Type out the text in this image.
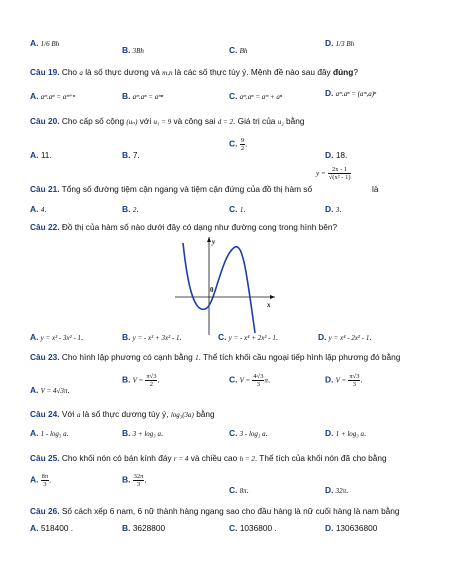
A. 1/6 Bh
B. 3Bh	C. Bh
D. 1/3 Bh
Câu 19. Cho a là số thực dương và m,n là các số thực tùy ý. Mệnh đề nào sau đây đúng?
A. aᵐ.aⁿ = aᵐ⁺ⁿ	B. aᵐ.aⁿ = aᵐⁿ	C. aᵐ.aⁿ = aᵐ + aⁿ	D. aᵐ.aⁿ = (aᵐ,a)ⁿ
Câu 20. Cho cấp số cộng (uₙ) với u₁ = 9 và công sai d = 2. Giá trị của u₂ bằng
A. 11.	B. 7.
C. $\frac{9}{2}$ .
D. 18.
Câu 21. Tổng số đường tiệm cận ngang và tiệm cận đứng của đồ thị hàm số
$y = \frac{2x - 1}{\text{√(x² - 1)}}$
là
A. 4.	B. 2.	C. 1.	D. 3.
Câu 22. Đồ thị của hàm số nào dưới đây có dạng như đường cong trong hình bên?
y
x
0
A. y = x³ - 3x² - 1.	B. y = - x³ + 3x² - 1.	C. y = - x⁴ + 2x² - 1.	D. y = x⁴ - 2x² - 1.
Câu 23. Cho hình lập phương có cạnh bằng 1. Thể tích khối cầu ngoại tiếp hình lập phương đó bằng
A. V = 4√3π.
B. $V = \frac{\pi√3}{2}$ .	C. $V = \frac{4√3}{3} \pi$.	D. $V = \frac{\pi√3}{3}$ .
Câu 24. Với a là số thực dương tùy ý, log₃(3a) bằng
A. 1 - log₃ a.	B. 3 + log₃ a.	C. 3 - log₃ a.	D. 1 + log₃ a.
Câu 25. Cho khối nón có bán kính đáy r = 4 và chiều cao h = 2. Thể tích của khối nón đã cho bằng
A. $\frac{8\pi}{3}$ .	B. $\frac{32\pi}{3}$ .
C. 8π.	D. 32π.
Câu 26. Số cách xếp 6 nam, 6 nữ thành hàng ngang sao cho đầu hàng là nữ cuối hàng là nam bằng
A. 518400 .	B. 3628800	C. 1036800 .	D. 130636800
